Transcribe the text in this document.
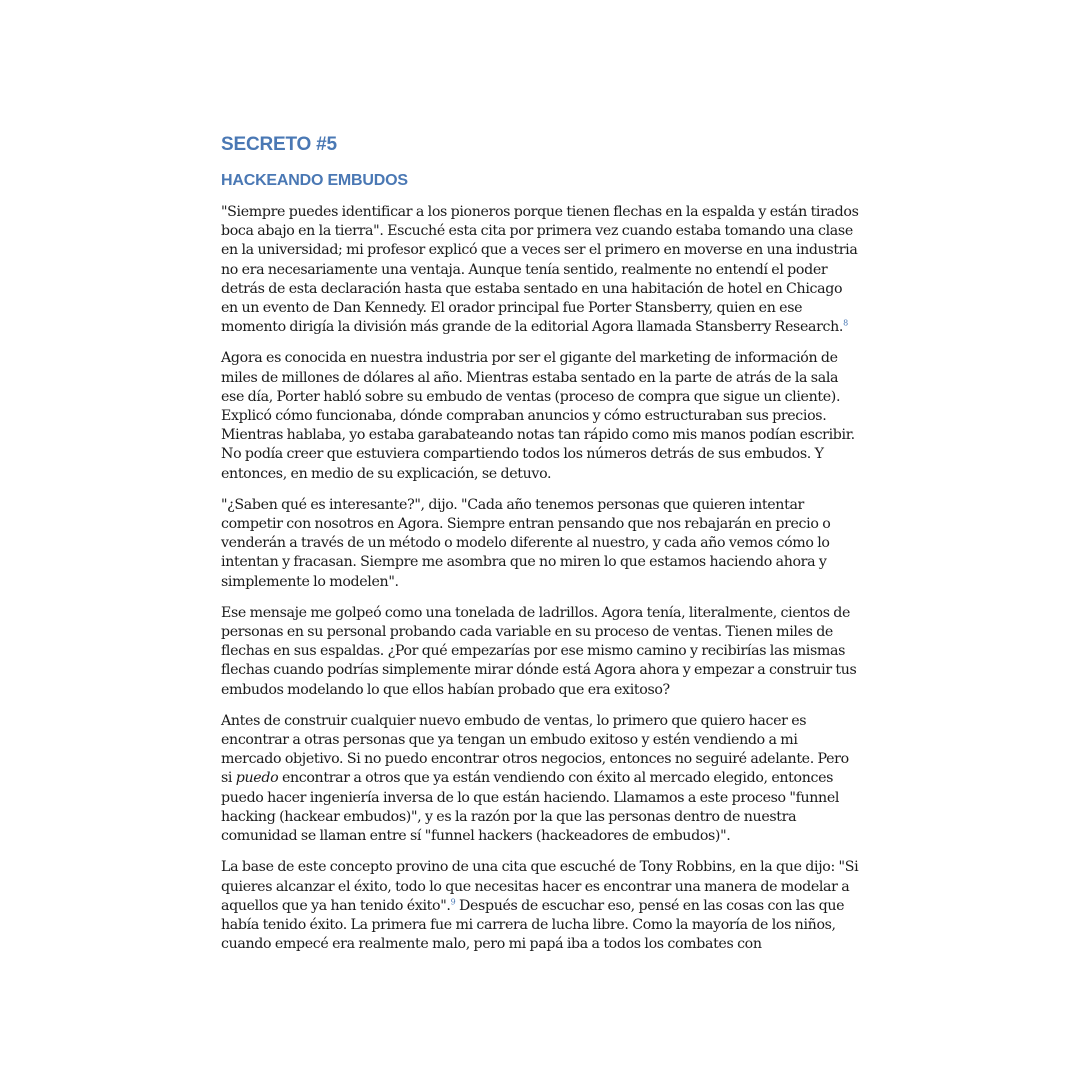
SECRETO #5
HACKEANDO EMBUDOS

"Siempre puedes identificar a los pioneros porque tienen flechas en la espalda y están tirados boca abajo en la tierra". Escuché esta cita por primera vez cuando estaba tomando una clase en la universidad; mi profesor explicó que a veces ser el primero en moverse en una industria no era necesariamente una ventaja. Aunque tenía sentido, realmente no entendí el poder detrás de esta declaración hasta que estaba sentado en una habitación de hotel en Chicago en un evento de Dan Kennedy. El orador principal fue Porter Stansberry, quien en ese momento dirigía la división más grande de la editorial Agora llamada Stansberry Research.$^8$

Agora es conocida en nuestra industria por ser el gigante del marketing de información de miles de millones de dólares al año. Mientras estaba sentado en la parte de atrás de la sala ese día, Porter habló sobre su embudo de ventas (proceso de compra que sigue un cliente). Explicó cómo funcionaba, dónde compraban anuncios y cómo estructuraban sus precios. Mientras hablaba, yo estaba garabateando notas tan rápido como mis manos podían escribir. No podía creer que estuviera compartiendo todos los números detrás de sus embudos. Y entonces, en medio de su explicación, se detuvo.

"¿Saben qué es interesante?", dijo. "Cada año tenemos personas que quieren intentar competir con nosotros en Agora. Siempre entran pensando que nos rebajarán en precio o venderán a través de un método o modelo diferente al nuestro, y cada año vemos cómo lo intentan y fracasan. Siempre me asombra que no miren lo que estamos haciendo ahora y simplemente lo modelen".

Ese mensaje me golpeó como una tonelada de ladrillos. Agora tenía, literalmente, cientos de personas en su personal probando cada variable en su proceso de ventas. Tienen miles de flechas en sus espaldas. ¿Por qué empezarías por ese mismo camino y recibirías las mismas flechas cuando podrías simplemente mirar dónde está Agora ahora y empezar a construir tus embudos modelando lo que ellos habían probado que era exitoso?

Antes de construir cualquier nuevo embudo de ventas, lo primero que quiero hacer es encontrar a otras personas que ya tengan un embudo exitoso y estén vendiendo a mi mercado objetivo. Si no puedo encontrar otros negocios, entonces no seguiré adelante. Pero si puedo encontrar a otros que ya están vendiendo con éxito al mercado elegido, entonces puedo hacer ingeniería inversa de lo que están haciendo. Llamamos a este proceso "funnel hacking (hackear embudos)", y es la razón por la que las personas dentro de nuestra comunidad se llaman entre sí "funnel hackers (hackeadores de embudos)".

La base de este concepto provino de una cita que escuché de Tony Robbins, en la que dijo: "Si quieres alcanzar el éxito, todo lo que necesitas hacer es encontrar una manera de modelar a aquellos que ya han tenido éxito".$^9$ Después de escuchar eso, pensé en las cosas con las que había tenido éxito. La primera fue mi carrera de lucha libre. Como la mayoría de los niños, cuando empecé era realmente malo, pero mi papá iba a todos los combates con
